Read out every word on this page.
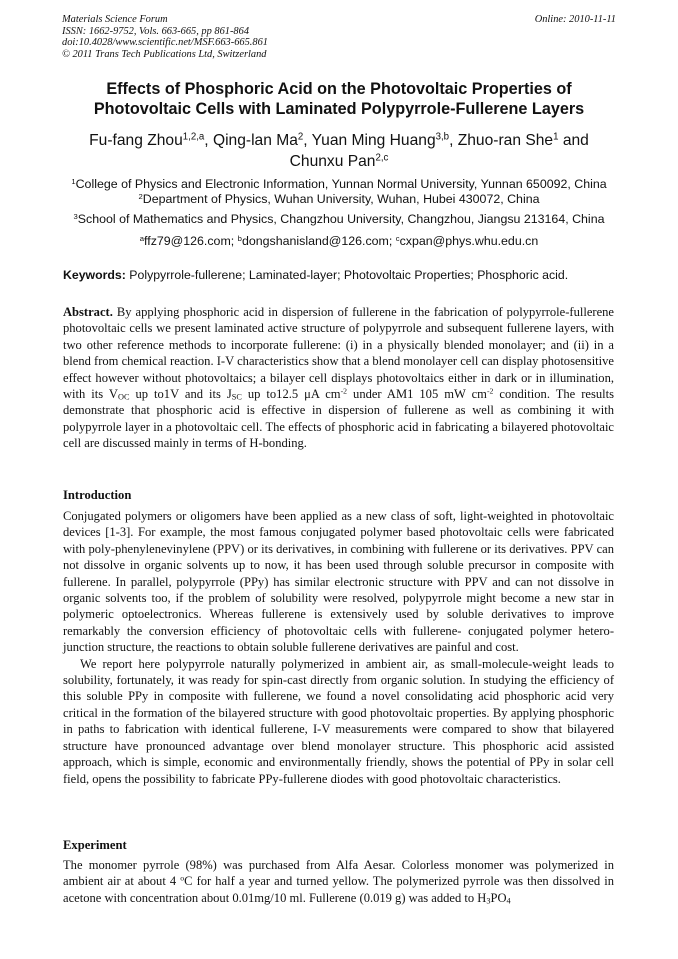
Materials Science Forum
ISSN: 1662-9752, Vols. 663-665, pp 861-864
doi:10.4028/www.scientific.net/MSF.663-665.861
© 2011 Trans Tech Publications Ltd, Switzerland
Online: 2010-11-11
Effects of Phosphoric Acid on the Photovoltaic Properties of
Photovoltaic Cells with Laminated Polypyrrole-Fullerene Layers
Fu-fang Zhou$^{1,2,a}$, Qing-lan Ma$^2$, Yuan Ming Huang$^{3,b}$, Zhuo-ran She$^1$ and
Chunxu Pan$^{2,c}$
$^1$College of Physics and Electronic Information, Yunnan Normal University, Yunnan 650092, China
$^2$Department of Physics, Wuhan University, Wuhan, Hubei 430072, China
$^3$School of Mathematics and Physics, Changzhou University, Changzhou, Jiangsu 213164, China
$^a$ffz79@126.com; $^b$dongshanisland@126.com; $^c$cxpan@phys.whu.edu.cn
Keywords: Polypyrrole-fullerene; Laminated-layer; Photovoltaic Properties; Phosphoric acid.

Abstract. By applying phosphoric acid in dispersion of fullerene in the fabrication of polypyrrole-fullerene photovoltaic cells we present laminated active structure of polypyrrole and subsequent fullerene layers, with two other reference methods to incorporate fullerene: (i) in a physically blended monolayer; and (ii) in a blend from chemical reaction. I-V characteristics show that a blend monolayer cell can display photosensitive effect however without photovoltaics; a bilayer cell displays photovoltaics either in dark or in illumination, with its $V_{OC}$ up to1V and its $J_{SC}$ up to12.5 μA $cm^{-2}$ under AM1 105 mW $cm^{-2}$ condition. The results demonstrate that phosphoric acid is effective in dispersion of fullerene as well as combining it with polypyrrole layer in a photovoltaic cell. The effects of phosphoric acid in fabricating a bilayered photovoltaic cell are discussed mainly in terms of H-bonding.

Introduction

Conjugated polymers or oligomers have been applied as a new class of soft, light-weighted in photovoltaic devices [1-3]. For example, the most famous conjugated polymer based photovoltaic cells were fabricated with poly-phenylenevinylene (PPV) or its derivatives, in combining with fullerene or its derivatives. PPV can not dissolve in organic solvents up to now, it has been used through soluble precursor in composite with fullerene. In parallel, polypyrrole (PPy) has similar electronic structure with PPV and can not dissolve in organic solvents too, if the problem of solubility were resolved, polypyrrole might become a new star in polymeric optoelectronics. Whereas fullerene is extensively used by soluble derivatives to improve remarkably the conversion efficiency of photovoltaic cells with fullerene- conjugated polymer hetero-junction structure, the reactions to obtain soluble fullerene derivatives are painful and cost.

We report here polypyrrole naturally polymerized in ambient air, as small-molecule-weight leads to solubility, fortunately, it was ready for spin-cast directly from organic solution. In studying the efficiency of this soluble PPy in composite with fullerene, we found a novel consolidating acid phosphoric acid very critical in the formation of the bilayered structure with good photovoltaic properties. By applying phosphoric in paths to fabrication with identical fullerene, I-V measurements were compared to show that bilayered structure have pronounced advantage over blend monolayer structure. This phosphoric acid assisted approach, which is simple, economic and environmentally friendly, shows the potential of PPy in solar cell field, opens the possibility to fabricate PPy-fullerene diodes with good photovoltaic characteristics.

Experiment

The monomer pyrrole (98%) was purchased from Alfa Aesar. Colorless monomer was polymerized in ambient air at about 4 $^o$C for half a year and turned yellow. The polymerized pyrrole was then dissolved in acetone with concentration about 0.01mg/10 ml. Fullerene (0.019 g) was added to $H_3PO_4$
